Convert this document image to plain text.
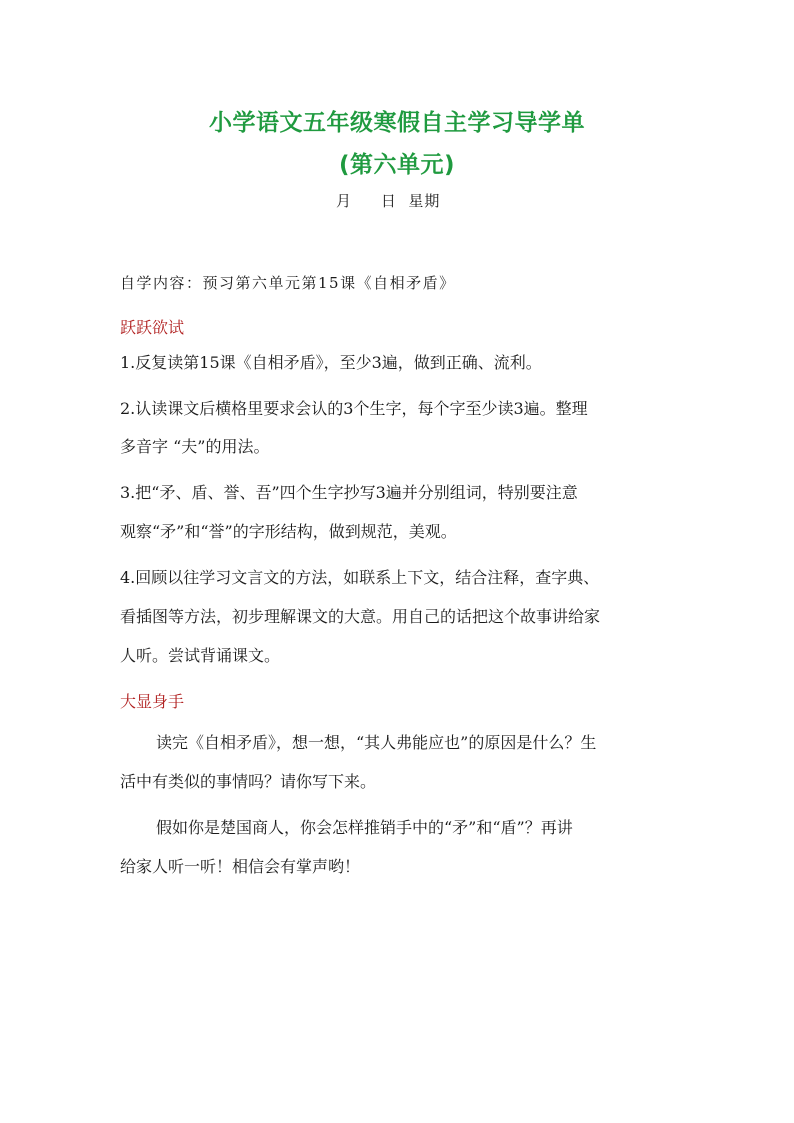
小学语文五年级寒假自主学习导学单
(第六单元)
月     日  星期
自学内容：预习第六单元第15课《自相矛盾》
跃跃欲试
1.反复读第15课《自相矛盾》，至少3遍，做到正确、流利。
2.认读课文后横格里要求会认的3个生字，每个字至少读3遍。整理
多音字 “夫”的用法。
3.把“矛、盾、誉、吾”四个生字抄写3遍并分别组词，特别要注意
观察“矛”和“誉”的字形结构，做到规范，美观。
4.回顾以往学习文言文的方法，如联系上下文，结合注释，查字典、
看插图等方法，初步理解课文的大意。用自己的话把这个故事讲给家
人听。尝试背诵课文。
大显身手
读完《自相矛盾》，想一想，“其人弗能应也”的原因是什么？生
活中有类似的事情吗？请你写下来。
假如你是楚国商人，你会怎样推销手中的“矛”和“盾”？再讲
给家人听一听！相信会有掌声哟！
